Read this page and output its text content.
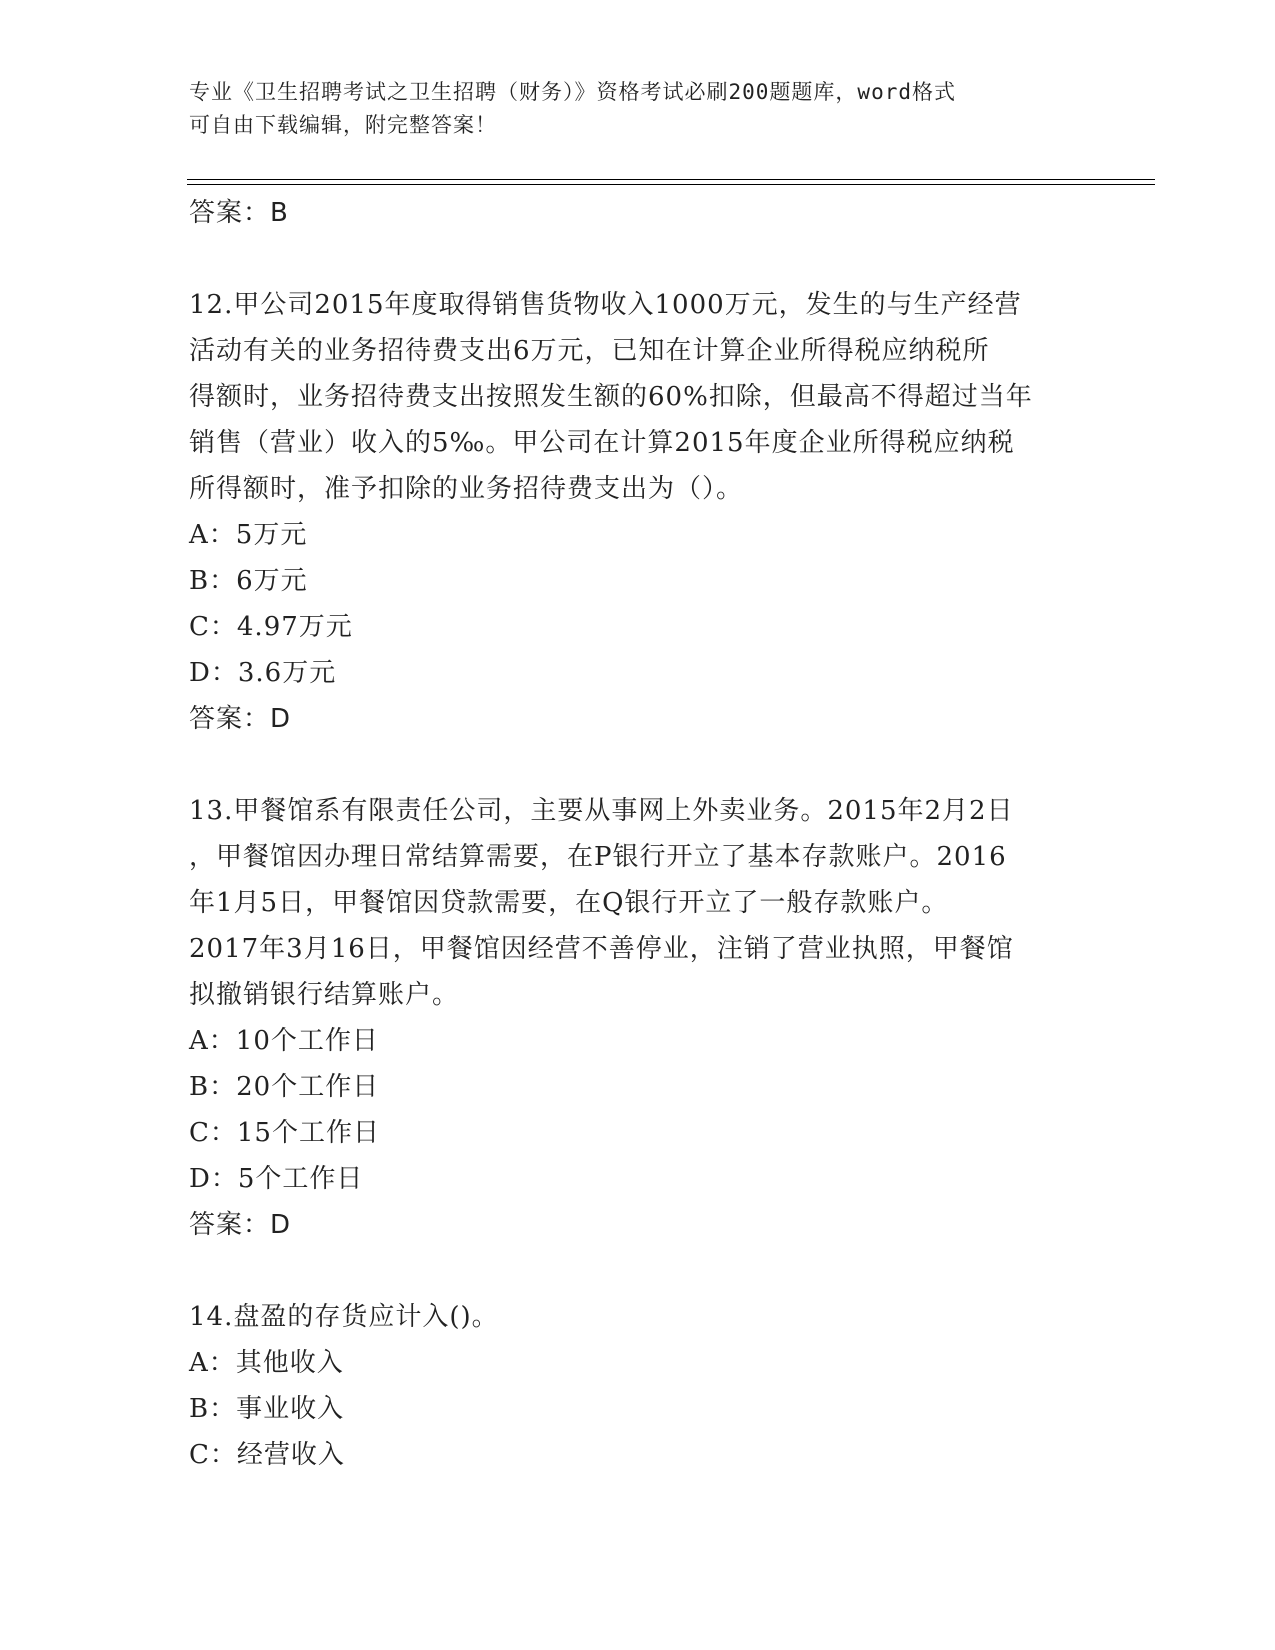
专业《卫生招聘考试之卫生招聘（财务）》资格考试必刷200题题库，word格式
可自由下载编辑，附完整答案！
答案：B
12.甲公司2015年度取得销售货物收入1000万元，发生的与生产经营
活动有关的业务招待费支出6万元，已知在计算企业所得税应纳税所
得额时，业务招待费支出按照发生额的60%扣除，但最高不得超过当年
销售（营业）收入的5‰。甲公司在计算2015年度企业所得税应纳税
所得额时，准予扣除的业务招待费支出为（）。
A：5万元
B：6万元
C：4.97万元
D：3.6万元
答案：D
13.甲餐馆系有限责任公司，主要从事网上外卖业务。2015年2月2日
，甲餐馆因办理日常结算需要，在P银行开立了基本存款账户。2016
年1月5日，甲餐馆因贷款需要，在Q银行开立了一般存款账户。
2017年3月16日，甲餐馆因经营不善停业，注销了营业执照，甲餐馆
拟撤销银行结算账户。
A：10个工作日
B：20个工作日
C：15个工作日
D：5个工作日
答案：D
14.盘盈的存货应计入()。
A：其他收入
B：事业收入
C：经营收入
